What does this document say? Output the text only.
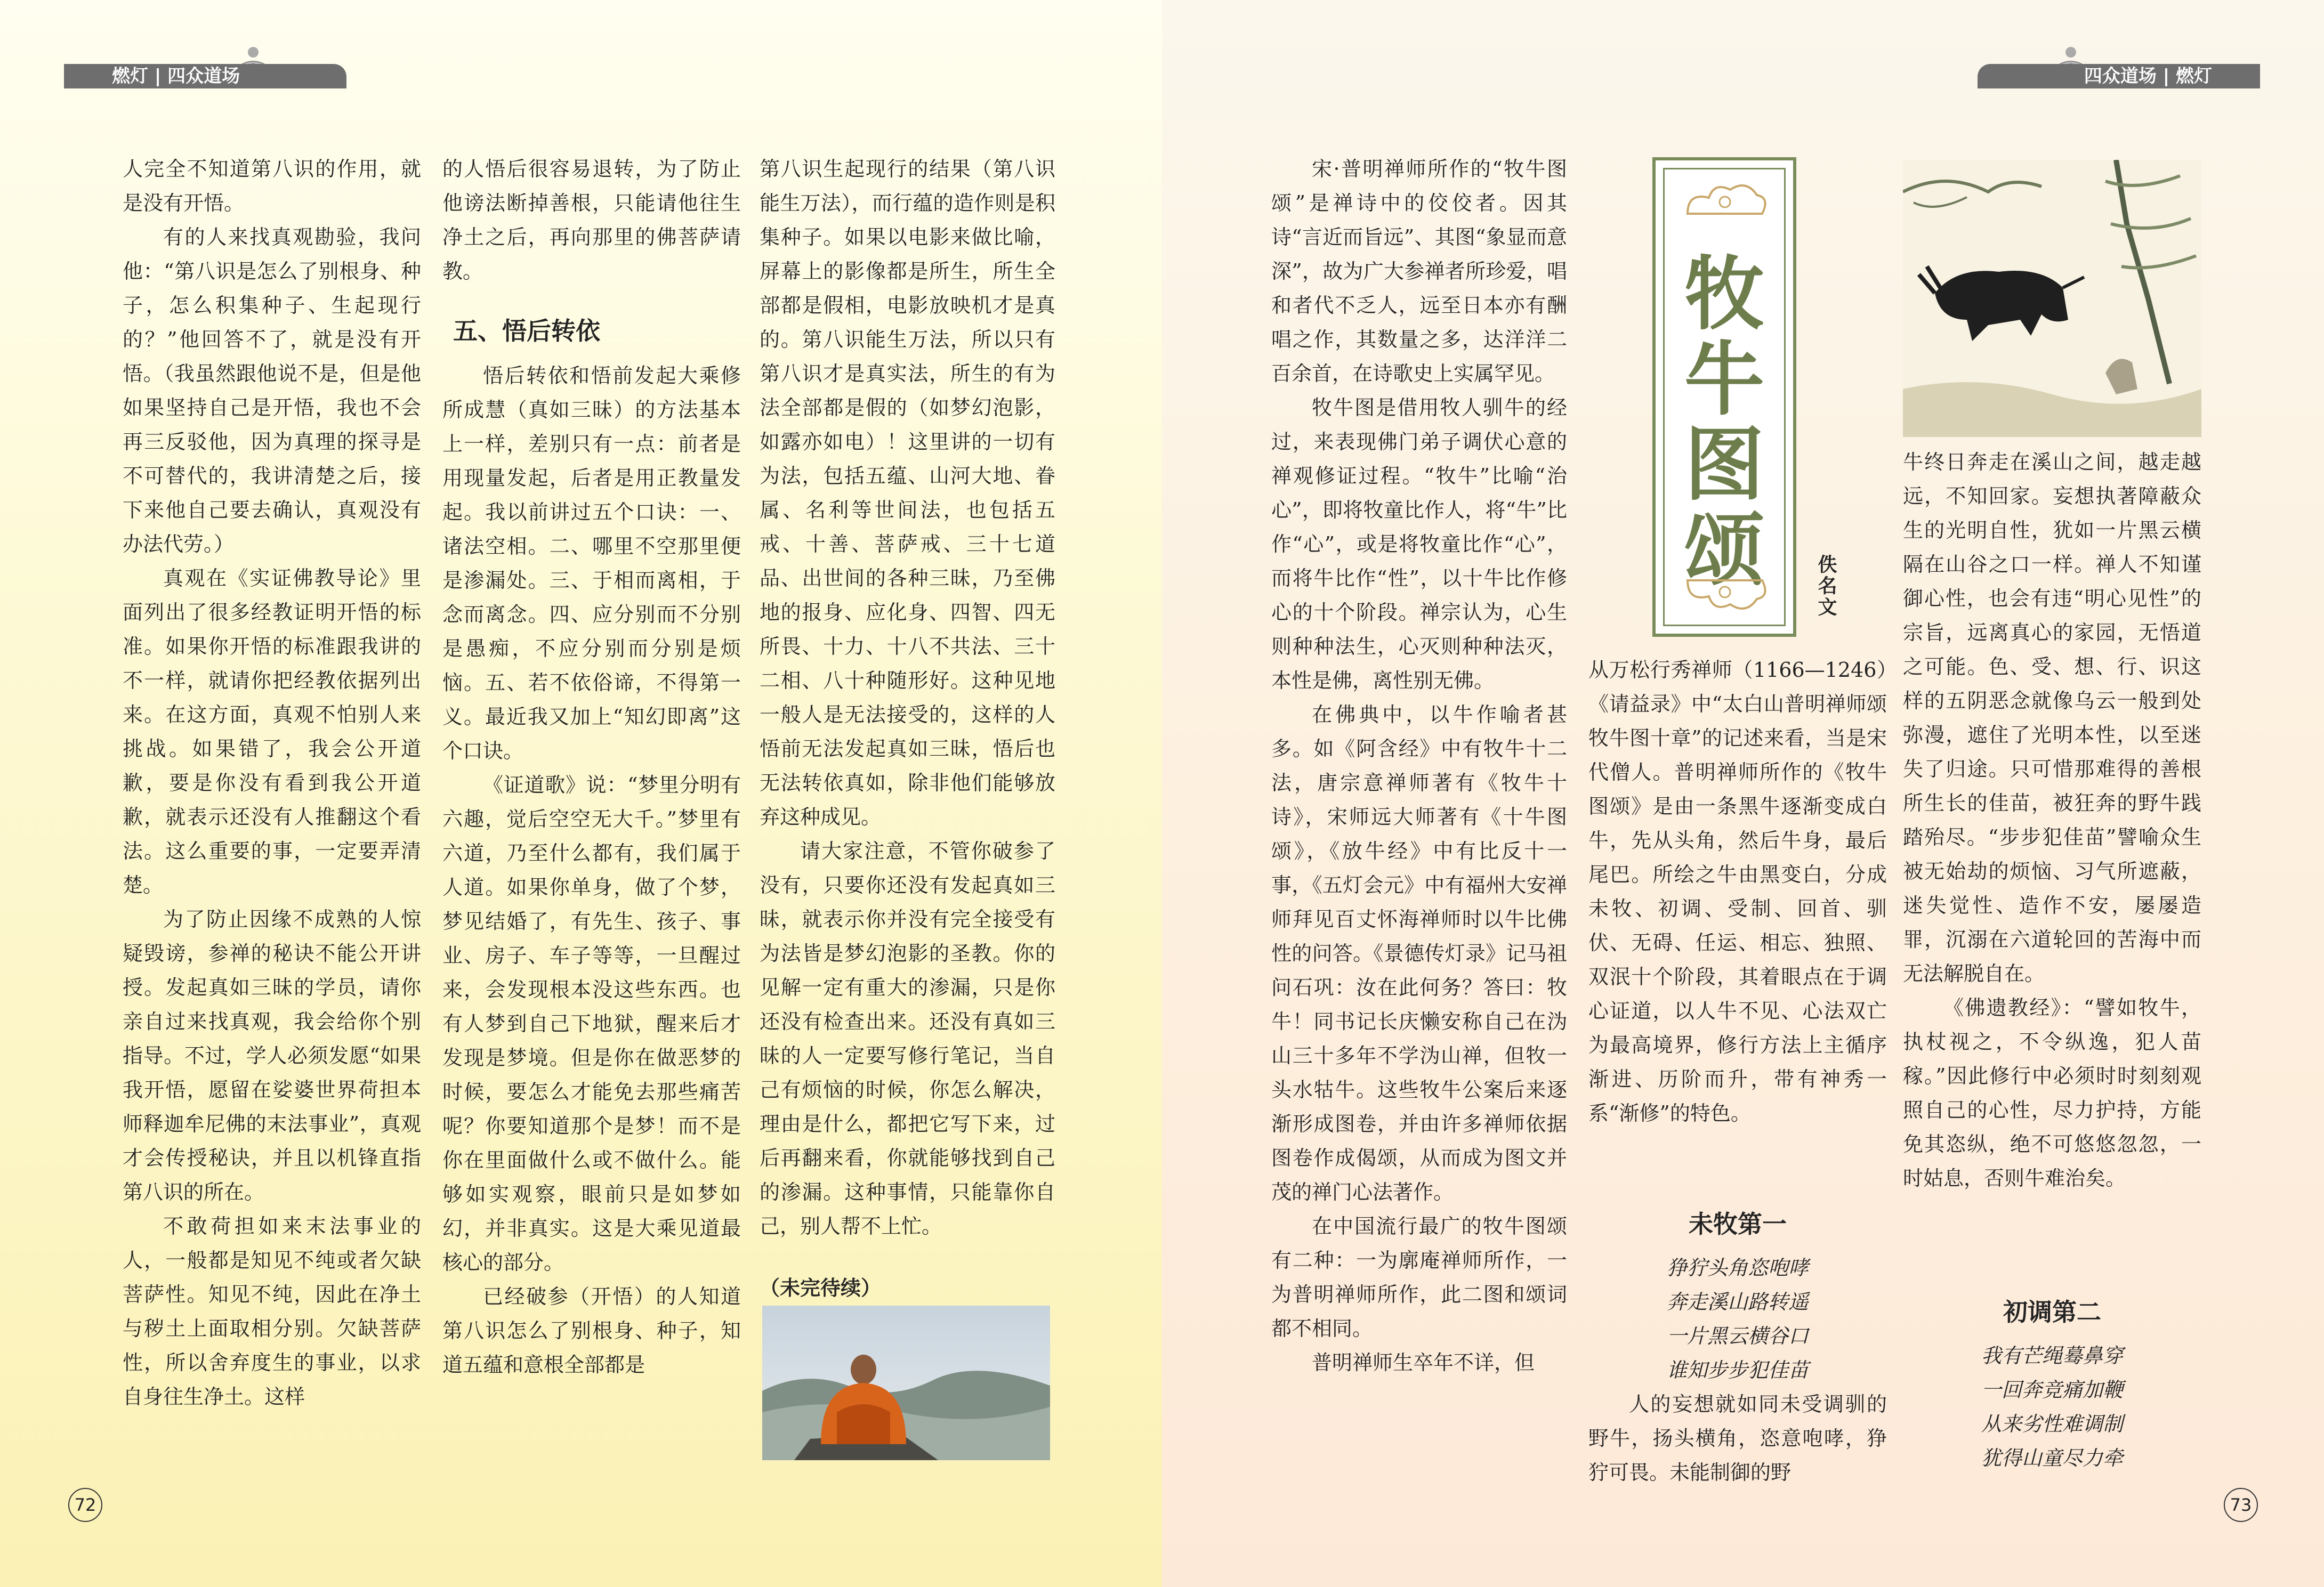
燃灯 | 四众道场	四众道场 | 燃灯

人完全不知道第八识的作用，就是没有开悟。

有的人来找真观勘验，我问他：“第八识是怎么了别根身、种子，怎么积集种子、生起现行的？”他回答不了，就是没有开悟。（我虽然跟他说不是，但是他如果坚持自己是开悟，我也不会再三反驳他，因为真理的探寻是不可替代的，我讲清楚之后，接下来他自己要去确认，真观没有办法代劳。）

真观在《实证佛教导论》里面列出了很多经教证明开悟的标准。如果你开悟的标准跟我讲的不一样，就请你把经教依据列出来。在这方面，真观不怕别人来挑战。如果错了，我会公开道歉，要是你没有看到我公开道歉，就表示还没有人推翻这个看法。这么重要的事，一定要弄清楚。

为了防止因缘不成熟的人惊疑毁谤，参禅的秘诀不能公开讲授。发起真如三昧的学员，请你亲自过来找真观，我会给你个别指导。不过，学人必须发愿“如果我开悟，愿留在娑婆世界荷担本师释迦牟尼佛的末法事业”，真观才会传授秘诀，并且以机锋直指第八识的所在。

不敢荷担如来末法事业的人，一般都是知见不纯或者欠缺菩萨性。知见不纯，因此在净土与秽土上面取相分别。欠缺菩萨性，所以舍弃度生的事业，以求自身往生净土。这样

的人悟后很容易退转，为了防止他谤法断掉善根，只能请他往生净土之后，再向那里的佛菩萨请教。

五、悟后转依

悟后转依和悟前发起大乘修所成慧（真如三昧）的方法基本上一样，差别只有一点：前者是用现量发起，后者是用正教量发起。我以前讲过五个口诀：一、诸法空相。二、哪里不空那里便是渗漏处。三、于相而离相，于念而离念。四、应分别而不分别是愚痴，不应分别而分别是烦恼。五、若不依俗谛，不得第一义。最近我又加上“知幻即离”这个口诀。

《证道歌》说：“梦里分明有六趣，觉后空空无大千。”梦里有六道，乃至什么都有，我们属于人道。如果你单身，做了个梦，梦见结婚了，有先生、孩子、事业、房子、车子等等，一旦醒过来，会发现根本没这些东西。也有人梦到自己下地狱，醒来后才发现是梦境。但是你在做恶梦的时候，要怎么才能免去那些痛苦呢？你要知道那个是梦！而不是你在里面做什么或不做什么。能够如实观察，眼前只是如梦如幻，并非真实。这是大乘见道最核心的部分。

已经破参（开悟）的人知道第八识怎么了别根身、种子，知道五蕴和意根全部都是

第八识生起现行的结果（第八识能生万法），而行蕴的造作则是积集种子。如果以电影来做比喻，屏幕上的影像都是所生，所生全部都是假相，电影放映机才是真的。第八识能生万法，所以只有第八识才是真实法，所生的有为法全部都是假的（如梦幻泡影，如露亦如电）！这里讲的一切有为法，包括五蕴、山河大地、眷属、名利等世间法，也包括五戒、十善、菩萨戒、三十七道品、出世间的各种三昧，乃至佛地的报身、应化身、四智、四无所畏、十力、十八不共法、三十二相、八十种随形好。这种见地一般人是无法接受的，这样的人悟前无法发起真如三昧，悟后也无法转依真如，除非他们能够放弃这种成见。

请大家注意，不管你破参了没有，只要你还没有发起真如三昧，就表示你并没有完全接受有为法皆是梦幻泡影的圣教。你的见解一定有重大的渗漏，只是你还没有检查出来。还没有真如三昧的人一定要写修行笔记，当自己有烦恼的时候，你怎么解决，理由是什么，都把它写下来，过后再翻来看，你就能够找到自己的渗漏。这种事情，只能靠你自己，别人帮不上忙。

（未完待续）
72

宋·普明禅师所作的“牧牛图颂”是禅诗中的佼佼者。因其诗“言近而旨远”、其图“象显而意深”，故为广大参禅者所珍爱，唱和者代不乏人，远至日本亦有酬唱之作，其数量之多，达洋洋二百余首，在诗歌史上实属罕见。

牧牛图是借用牧人驯牛的经过，来表现佛门弟子调伏心意的禅观修证过程。“牧牛”比喻“治心”，即将牧童比作人，将“牛”比作“心”，或是将牧童比作“心”，而将牛比作“性”，以十牛比作修心的十个阶段。禅宗认为，心生则种种法生，心灭则种种法灭，本性是佛，离性别无佛。

在佛典中，以牛作喻者甚多。如《阿含经》中有牧牛十二法，唐宗意禅师著有《牧牛十诗》，宋师远大师著有《十牛图颂》，《放牛经》中有比反十一事，《五灯会元》中有福州大安禅师拜见百丈怀海禅师时以牛比佛性的问答。《景德传灯录》记马祖问石巩：汝在此何务？答曰：牧牛！同书记长庆懒安称自己在沩山三十多年不学沩山禅，但牧一头水牯牛。这些牧牛公案后来逐渐形成图卷，并由许多禅师依据图卷作成偈颂，从而成为图文并茂的禅门心法著作。

在中国流行最广的牧牛图颂有二种：一为廓庵禅师所作，一为普明禅师所作，此二图和颂词都不相同。

普明禅师生卒年不详，但

牧
牛
图
颂	佚名文

从万松行秀禅师（1166—1246）《请益录》中“太白山普明禅师颂牧牛图十章”的记述来看，当是宋代僧人。普明禅师所作的《牧牛图颂》是由一条黑牛逐渐变成白牛，先从头角，然后牛身，最后尾巴。所绘之牛由黑变白，分成未牧、初调、受制、回首、驯伏、无碍、任运、相忘、独照、双泯十个阶段，其着眼点在于调心证道，以人牛不见、心法双亡为最高境界，修行方法上主循序渐进、历阶而升，带有神秀一系“渐修”的特色。

未牧第一
狰狞头角恣咆哮
奔走溪山路转遥
一片黑云横谷口
谁知步步犯佳苗

人的妄想就如同未受调驯的野牛，扬头横角，恣意咆哮，狰狞可畏。未能制御的野

牛终日奔走在溪山之间，越走越远，不知回家。妄想执著障蔽众生的光明自性，犹如一片黑云横隔在山谷之口一样。禅人不知谨御心性，也会有违“明心见性”的宗旨，远离真心的家园，无悟道之可能。色、受、想、行、识这样的五阴恶念就像乌云一般到处弥漫，遮住了光明本性，以至迷失了归途。只可惜那难得的善根所生长的佳苗，被狂奔的野牛践踏殆尽。“步步犯佳苗”譬喻众生被无始劫的烦恼、习气所遮蔽，迷失觉性、造作不安，屡屡造罪，沉溺在六道轮回的苦海中而无法解脱自在。

《佛遗教经》：“譬如牧牛，执杖视之，不令纵逸，犯人苗稼。”因此修行中必须时时刻刻观照自己的心性，尽力护持，方能免其恣纵，绝不可悠悠忽忽，一时姑息，否则牛难治矣。

初调第二
我有芒绳蓦鼻穿
一回奔竞痛加鞭
从来劣性难调制
犹得山童尽力牵
73
